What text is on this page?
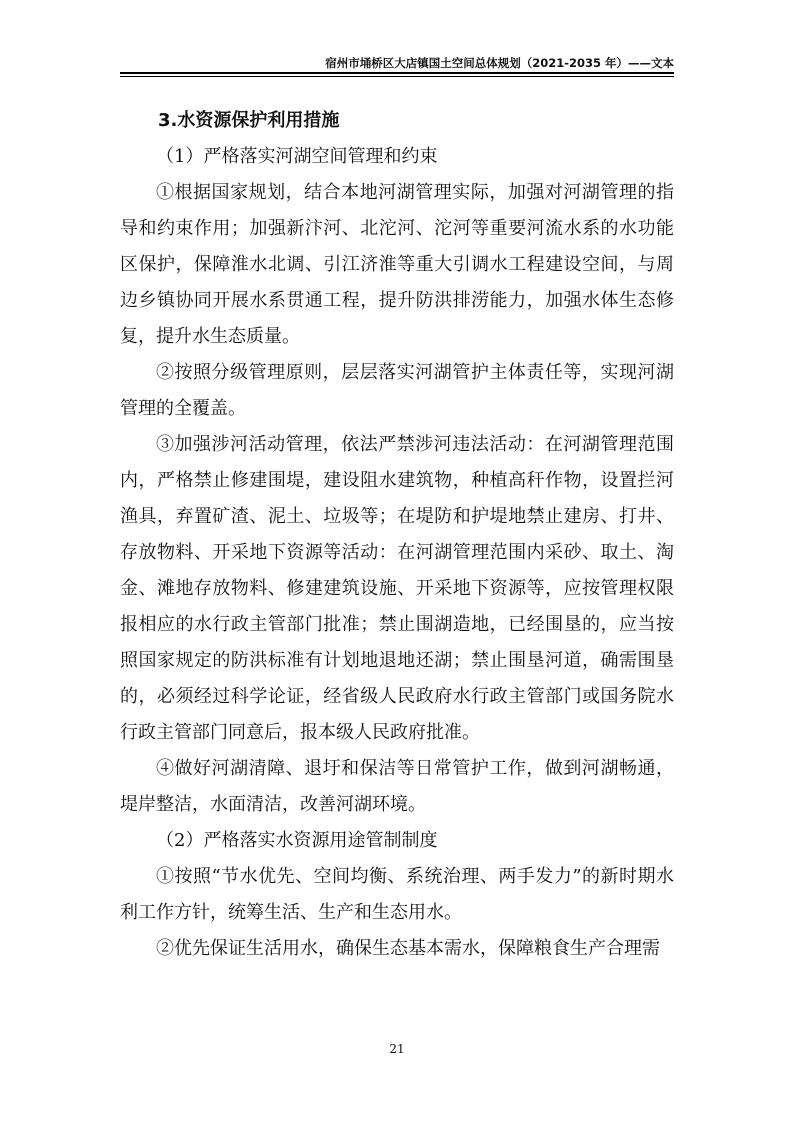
宿州市埇桥区大店镇国土空间总体规划（2021-2035 年）——文本

3.水资源保护利用措施

（1）严格落实河湖空间管理和约束

①根据国家规划，结合本地河湖管理实际，加强对河湖管理的指导和约束作用；加强新汴河、北沱河、沱河等重要河流水系的水功能区保护，保障淮水北调、引江济淮等重大引调水工程建设空间，与周边乡镇协同开展水系贯通工程，提升防洪排涝能力，加强水体生态修复，提升水生态质量。

②按照分级管理原则，层层落实河湖管护主体责任等，实现河湖管理的全覆盖。

③加强涉河活动管理，依法严禁涉河违法活动：在河湖管理范围内，严格禁止修建围堤，建设阻水建筑物，种植高秆作物，设置拦河渔具，弃置矿渣、泥土、垃圾等；在堤防和护堤地禁止建房、打井、存放物料、开采地下资源等活动：在河湖管理范围内采砂、取土、淘金、滩地存放物料、修建建筑设施、开采地下资源等，应按管理权限报相应的水行政主管部门批准；禁止围湖造地，已经围垦的，应当按照国家规定的防洪标准有计划地退地还湖；禁止围垦河道，确需围垦的，必须经过科学论证，经省级人民政府水行政主管部门或国务院水行政主管部门同意后，报本级人民政府批准。

④做好河湖清障、退圩和保洁等日常管护工作，做到河湖畅通，堤岸整洁，水面清洁，改善河湖环境。

（2）严格落实水资源用途管制制度

①按照“节水优先、空间均衡、系统治理、两手发力”的新时期水利工作方针，统筹生活、生产和生态用水。

②优先保证生活用水，确保生态基本需水，保障粮食生产合理需

21
